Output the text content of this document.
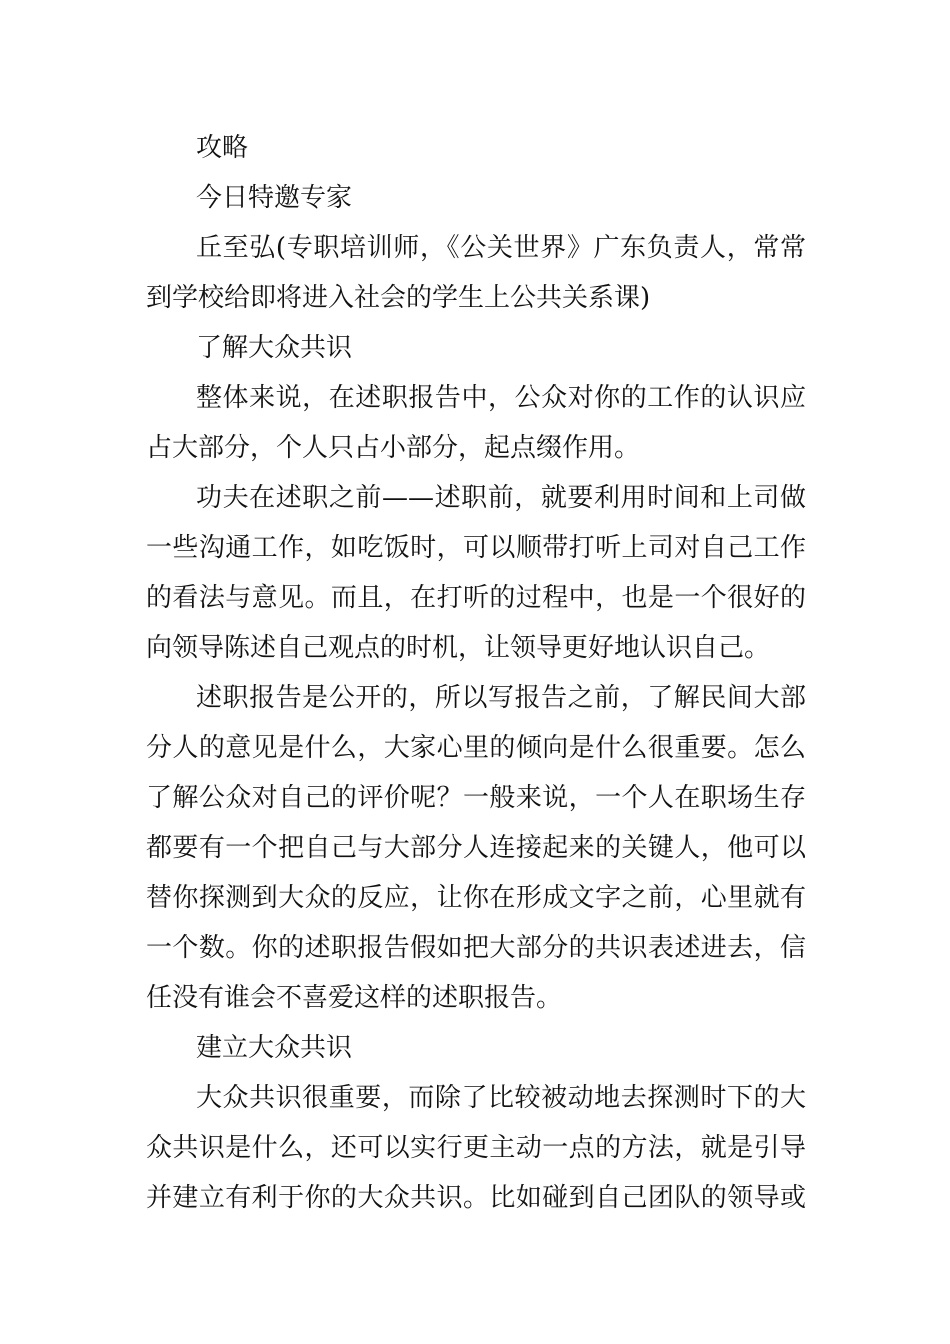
攻略

今日特邀专家

丘至弘(专职培训师，《公关世界》广东负责人，常常

到学校给即将进入社会的学生上公共关系课)

了解大众共识

整体来说，在述职报告中，公众对你的工作的认识应

占大部分，个人只占小部分，起点缀作用。

功夫在述职之前——述职前，就要利用时间和上司做

一些沟通工作，如吃饭时，可以顺带打听上司对自己工作

的看法与意见。而且，在打听的过程中，也是一个很好的

向领导陈述自己观点的时机，让领导更好地认识自己。

述职报告是公开的，所以写报告之前，了解民间大部

分人的意见是什么，大家心里的倾向是什么很重要。怎么

了解公众对自己的评价呢？一般来说，一个人在职场生存

都要有一个把自己与大部分人连接起来的关键人，他可以

替你探测到大众的反应，让你在形成文字之前，心里就有

一个数。你的述职报告假如把大部分的共识表述进去，信

任没有谁会不喜爱这样的述职报告。

建立大众共识

大众共识很重要，而除了比较被动地去探测时下的大

众共识是什么，还可以实行更主动一点的方法，就是引导

并建立有利于你的大众共识。比如碰到自己团队的领导或
